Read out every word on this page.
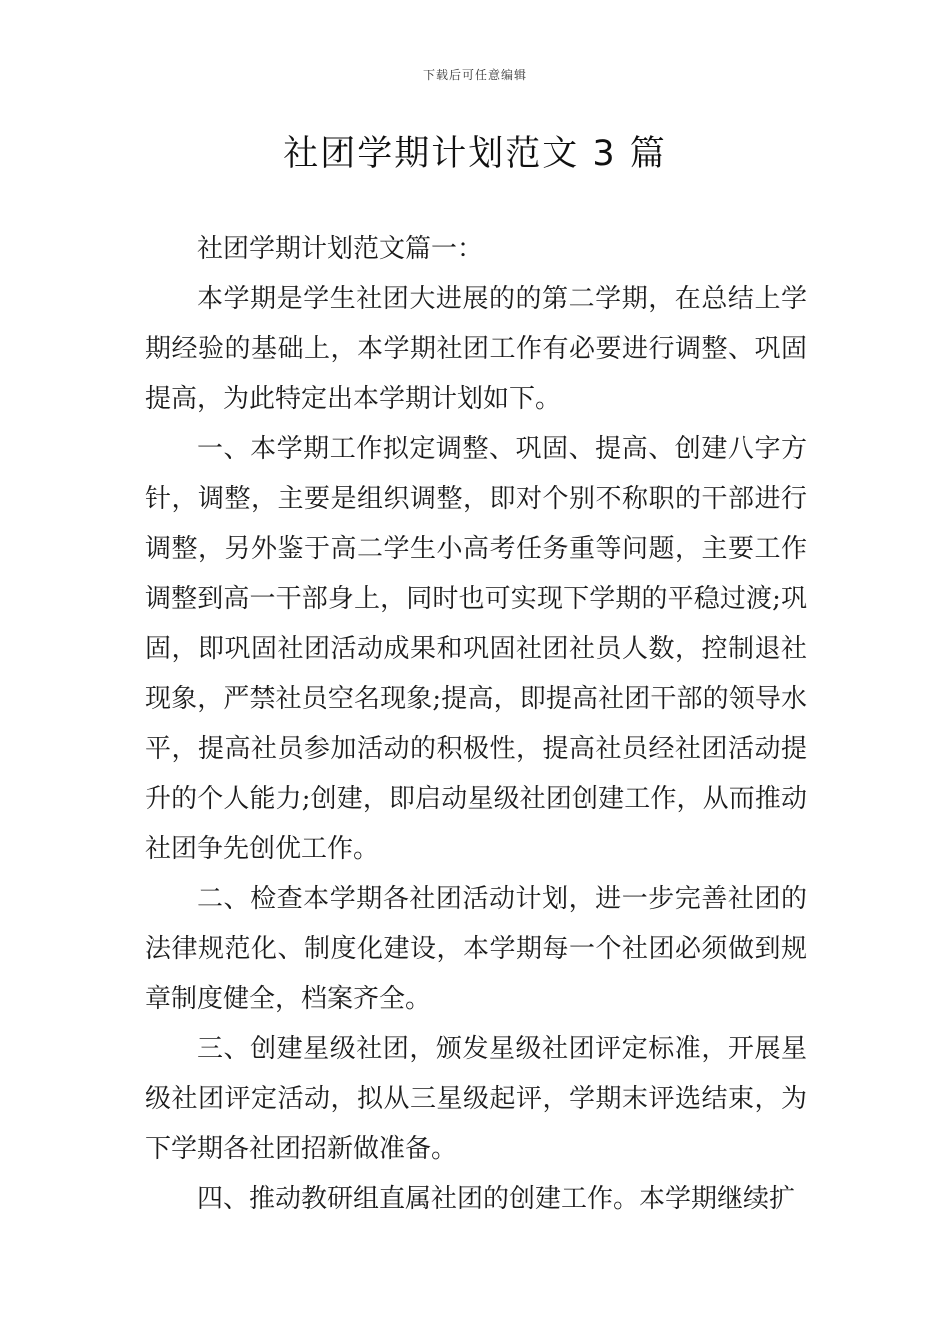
下载后可任意编辑
社团学期计划范文 3 篇

社团学期计划范文篇一：

本学期是学生社团大进展的的第二学期，在总结上学期经验的基础上，本学期社团工作有必要进行调整、巩固提高，为此特定出本学期计划如下。

一、本学期工作拟定调整、巩固、提高、创建八字方针，调整，主要是组织调整，即对个别不称职的干部进行调整，另外鉴于高二学生小高考任务重等问题，主要工作调整到高一干部身上，同时也可实现下学期的平稳过渡;巩固，即巩固社团活动成果和巩固社团社员人数，控制退社现象，严禁社员空名现象;提高，即提高社团干部的领导水平，提高社员参加活动的积极性，提高社员经社团活动提升的个人能力;创建，即启动星级社团创建工作，从而推动社团争先创优工作。

二、检查本学期各社团活动计划，进一步完善社团的法律规范化、制度化建设，本学期每一个社团必须做到规章制度健全，档案齐全。

三、创建星级社团，颁发星级社团评定标准，开展星级社团评定活动，拟从三星级起评，学期末评选结束，为下学期各社团招新做准备。

四、推动教研组直属社团的创建工作。本学期继续扩
